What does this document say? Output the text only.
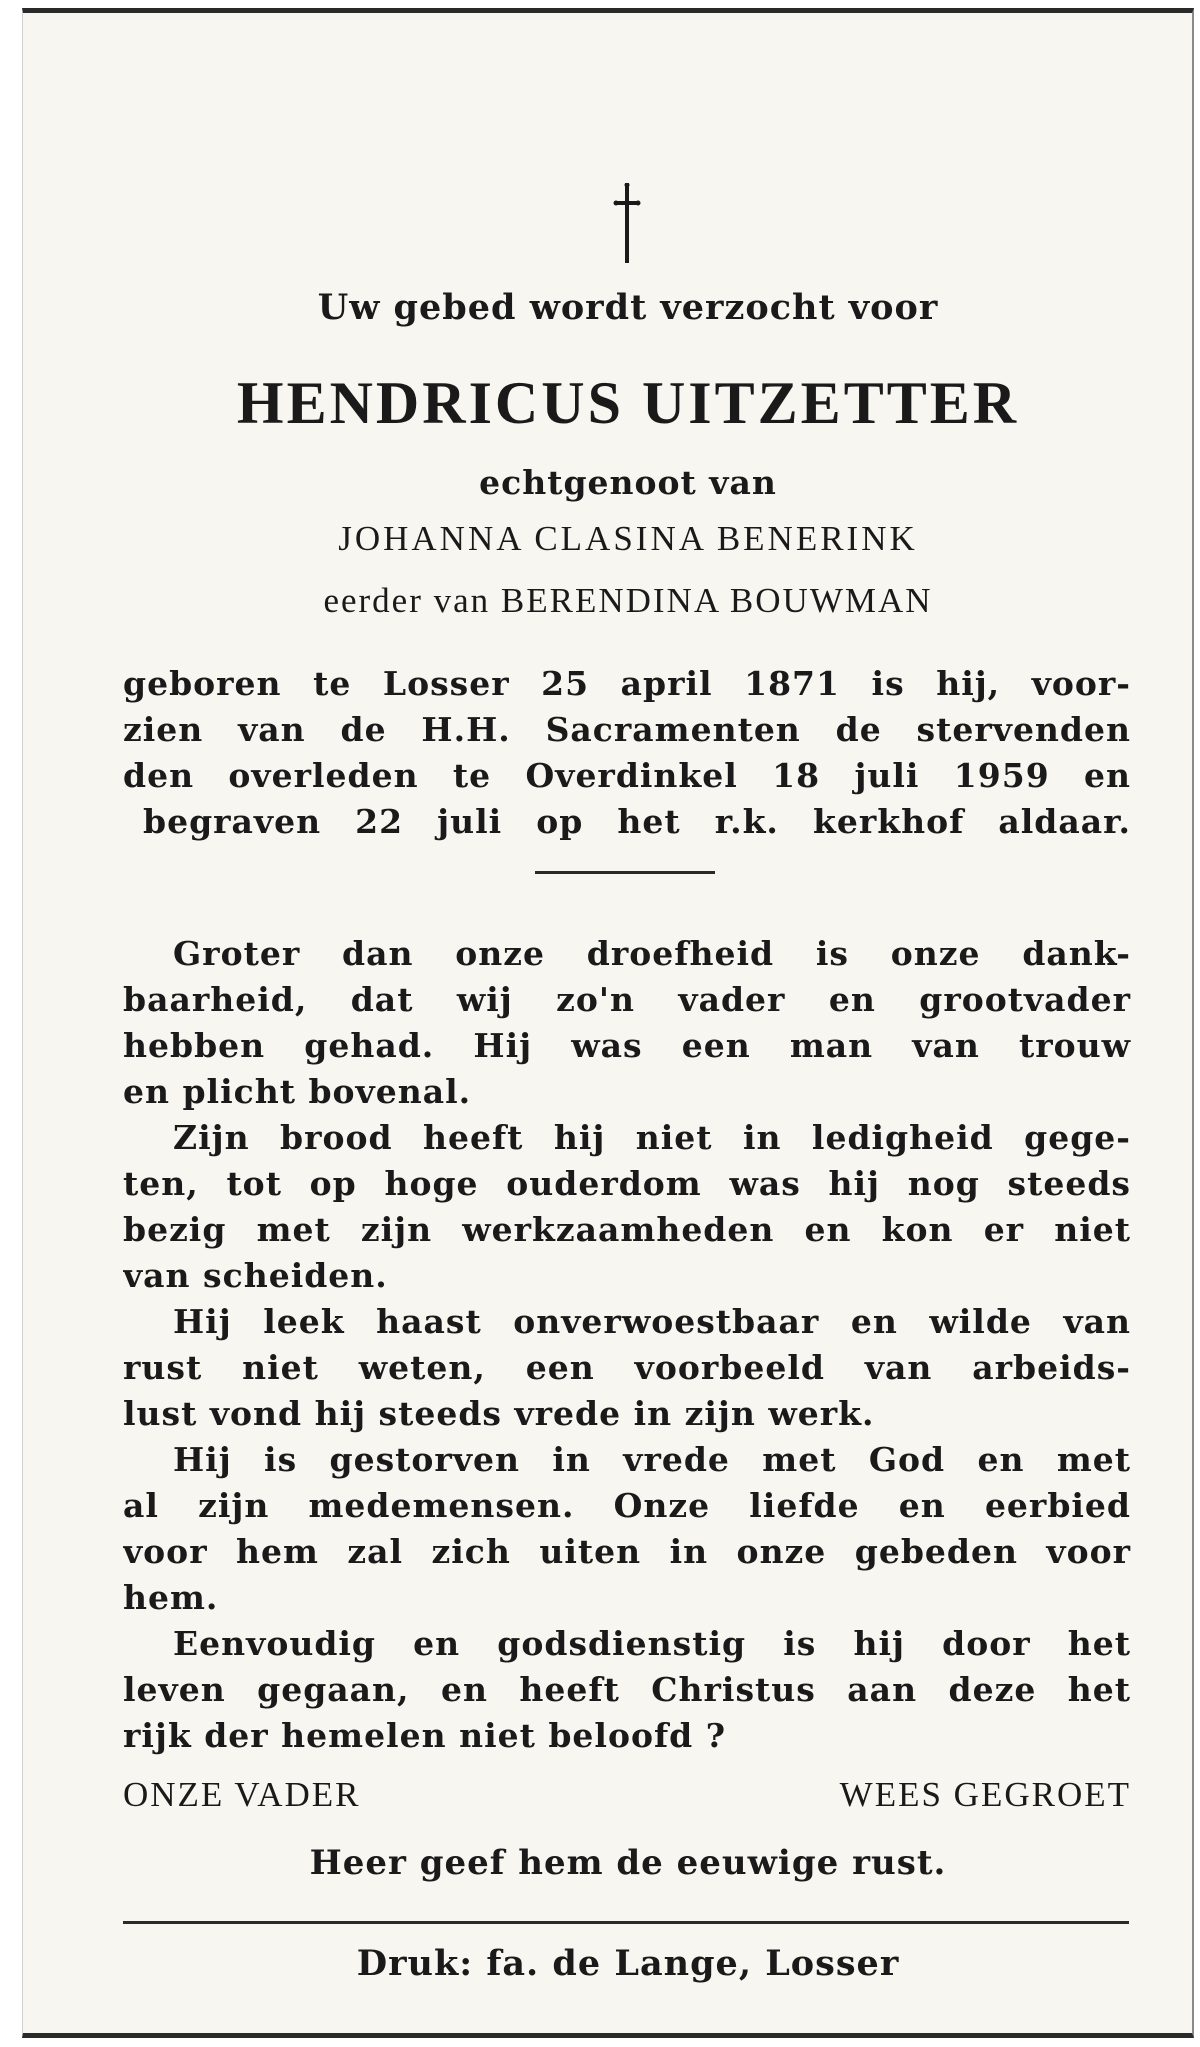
Uw gebed wordt verzocht voor
HENDRICUS UITZETTER
echtgenoot van
JOHANNA CLASINA BENERINK
eerder van BERENDINA BOUWMAN
geboren te Losser 25 april 1871 is hij, voor-
zien van de H.H. Sacramenten de stervenden
den overleden te Overdinkel 18 juli 1959 en
begraven 22 juli op het r.k. kerkhof aldaar.
Groter dan onze droefheid is onze dank-
baarheid, dat wij zo'n vader en grootvader
hebben gehad. Hij was een man van trouw
en plicht bovenal.
Zijn brood heeft hij niet in ledigheid gege-
ten, tot op hoge ouderdom was hij nog steeds
bezig met zijn werkzaamheden en kon er niet
van scheiden.
Hij leek haast onverwoestbaar en wilde van
rust niet weten, een voorbeeld van arbeids-
lust vond hij steeds vrede in zijn werk.
Hij is gestorven in vrede met God en met
al zijn medemensen. Onze liefde en eerbied
voor hem zal zich uiten in onze gebeden voor
hem.
Eenvoudig en godsdienstig is hij door het
leven gegaan, en heeft Christus aan deze het
rijk der hemelen niet beloofd ?
ONZE VADER	WEES GEGROET
Heer geef hem de eeuwige rust.
Druk: fa. de Lange, Losser
